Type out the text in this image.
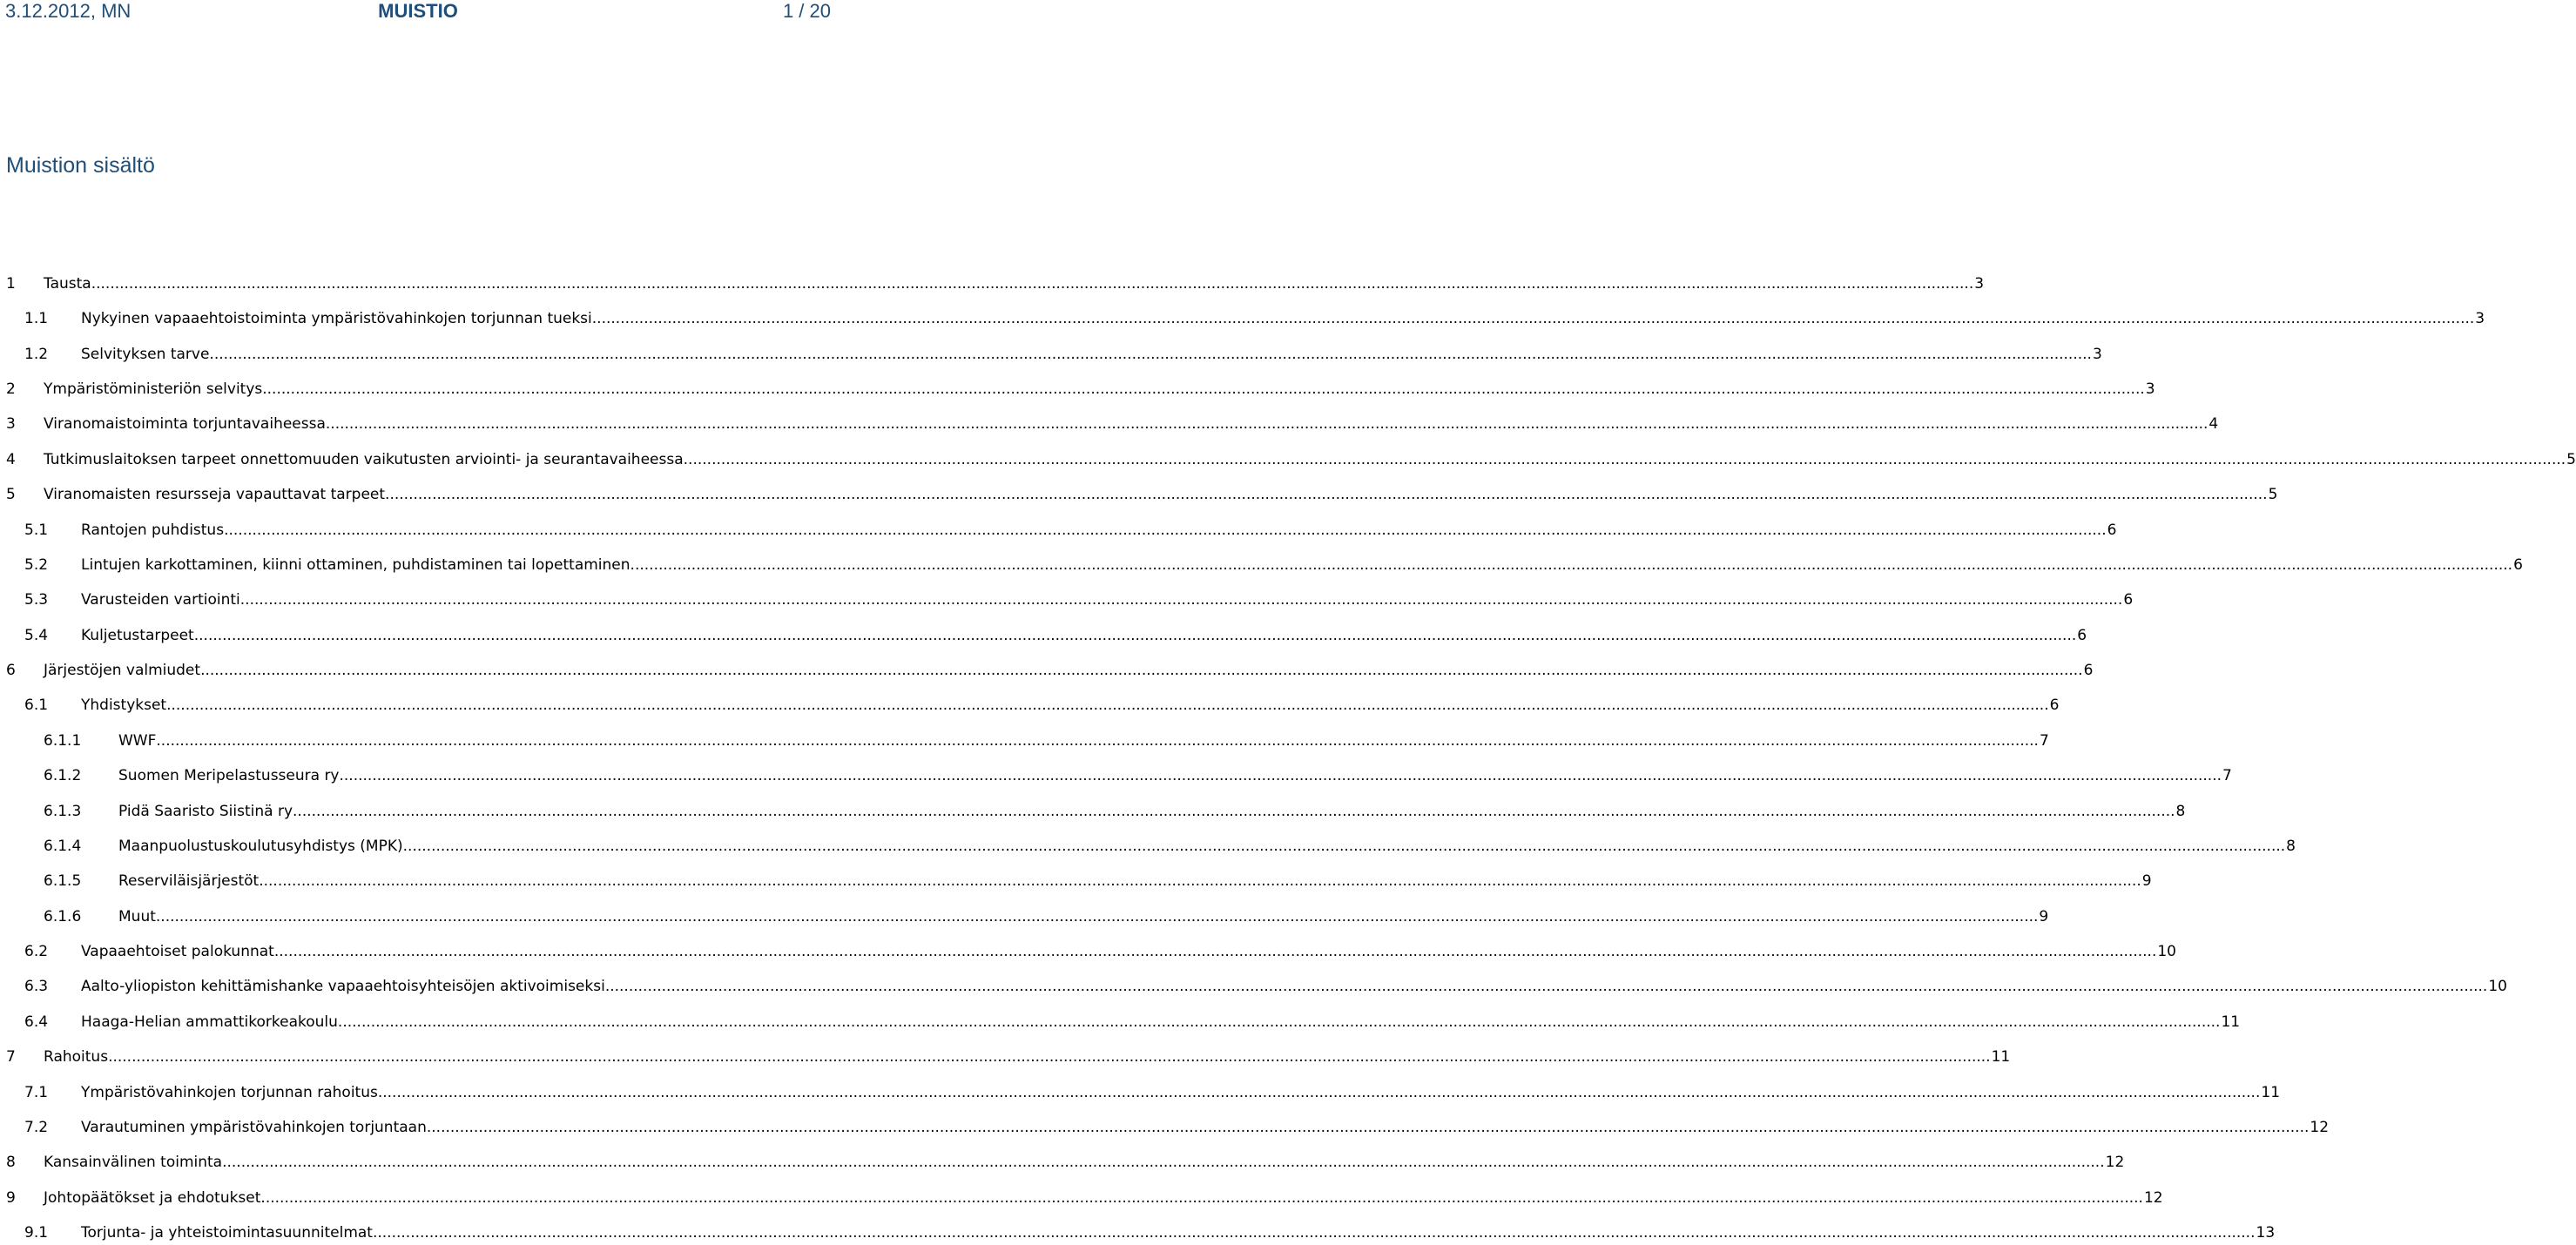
MUISTIO
3.12.2012, MN	1 / 20
Muistion sisältö
1 Tausta ................................................................................................................................................................................................................................................................................................................................................................................................................ 3
1.1 Nykyinen vapaaehtoistoiminta ympäristövahinkojen torjunnan tueksi ................................................................................................................................................................................................................................................................................................................................................................................................................ 3
1.2 Selvityksen tarve ................................................................................................................................................................................................................................................................................................................................................................................................................ 3
2 Ympäristöministeriön selvitys ................................................................................................................................................................................................................................................................................................................................................................................................................ 3
3 Viranomaistoiminta torjuntavaiheessa ................................................................................................................................................................................................................................................................................................................................................................................................................ 4
4 Tutkimuslaitoksen tarpeet onnettomuuden vaikutusten arviointi- ja seurantavaiheessa ................................................................................................................................................................................................................................................................................................................................................................................................................ 5
5 Viranomaisten resursseja vapauttavat tarpeet ................................................................................................................................................................................................................................................................................................................................................................................................................ 5
5.1 Rantojen puhdistus ................................................................................................................................................................................................................................................................................................................................................................................................................ 6
5.2 Lintujen karkottaminen, kiinni ottaminen, puhdistaminen tai lopettaminen ................................................................................................................................................................................................................................................................................................................................................................................................................ 6
5.3 Varusteiden vartiointi ................................................................................................................................................................................................................................................................................................................................................................................................................ 6
5.4 Kuljetustarpeet ................................................................................................................................................................................................................................................................................................................................................................................................................ 6
6 Järjestöjen valmiudet ................................................................................................................................................................................................................................................................................................................................................................................................................ 6
6.1 Yhdistykset ................................................................................................................................................................................................................................................................................................................................................................................................................ 6
6.1.1	WWF ................................................................................................................................................................................................................................................................................................................................................................................................................ 7
6.1.2	Suomen Meripelastusseura ry ................................................................................................................................................................................................................................................................................................................................................................................................................ 7
6.1.3	Pidä Saaristo Siistinä ry ................................................................................................................................................................................................................................................................................................................................................................................................................ 8
6.1.4	Maanpuolustuskoulutusyhdistys (MPK) ................................................................................................................................................................................................................................................................................................................................................................................................................ 8
6.1.5	Reserviläisjärjestöt ................................................................................................................................................................................................................................................................................................................................................................................................................ 9
6.1.6	Muut ................................................................................................................................................................................................................................................................................................................................................................................................................ 9
6.2 Vapaaehtoiset palokunnat ................................................................................................................................................................................................................................................................................................................................................................................................................ 10
6.3 Aalto-yliopiston kehittämishanke vapaaehtoisyhteisöjen aktivoimiseksi ................................................................................................................................................................................................................................................................................................................................................................................................................ 10
6.4 Haaga-Helian ammattikorkeakoulu ................................................................................................................................................................................................................................................................................................................................................................................................................ 11
7 Rahoitus ................................................................................................................................................................................................................................................................................................................................................................................................................ 11
7.1 Ympäristövahinkojen torjunnan rahoitus ................................................................................................................................................................................................................................................................................................................................................................................................................ 11
7.2 Varautuminen ympäristövahinkojen torjuntaan ................................................................................................................................................................................................................................................................................................................................................................................................................ 12
8 Kansainvälinen toiminta ................................................................................................................................................................................................................................................................................................................................................................................................................ 12
9 Johtopäätökset ja ehdotukset ................................................................................................................................................................................................................................................................................................................................................................................................................ 12
9.1 Torjunta- ja yhteistoimintasuunnitelmat ................................................................................................................................................................................................................................................................................................................................................................................................................ 13
